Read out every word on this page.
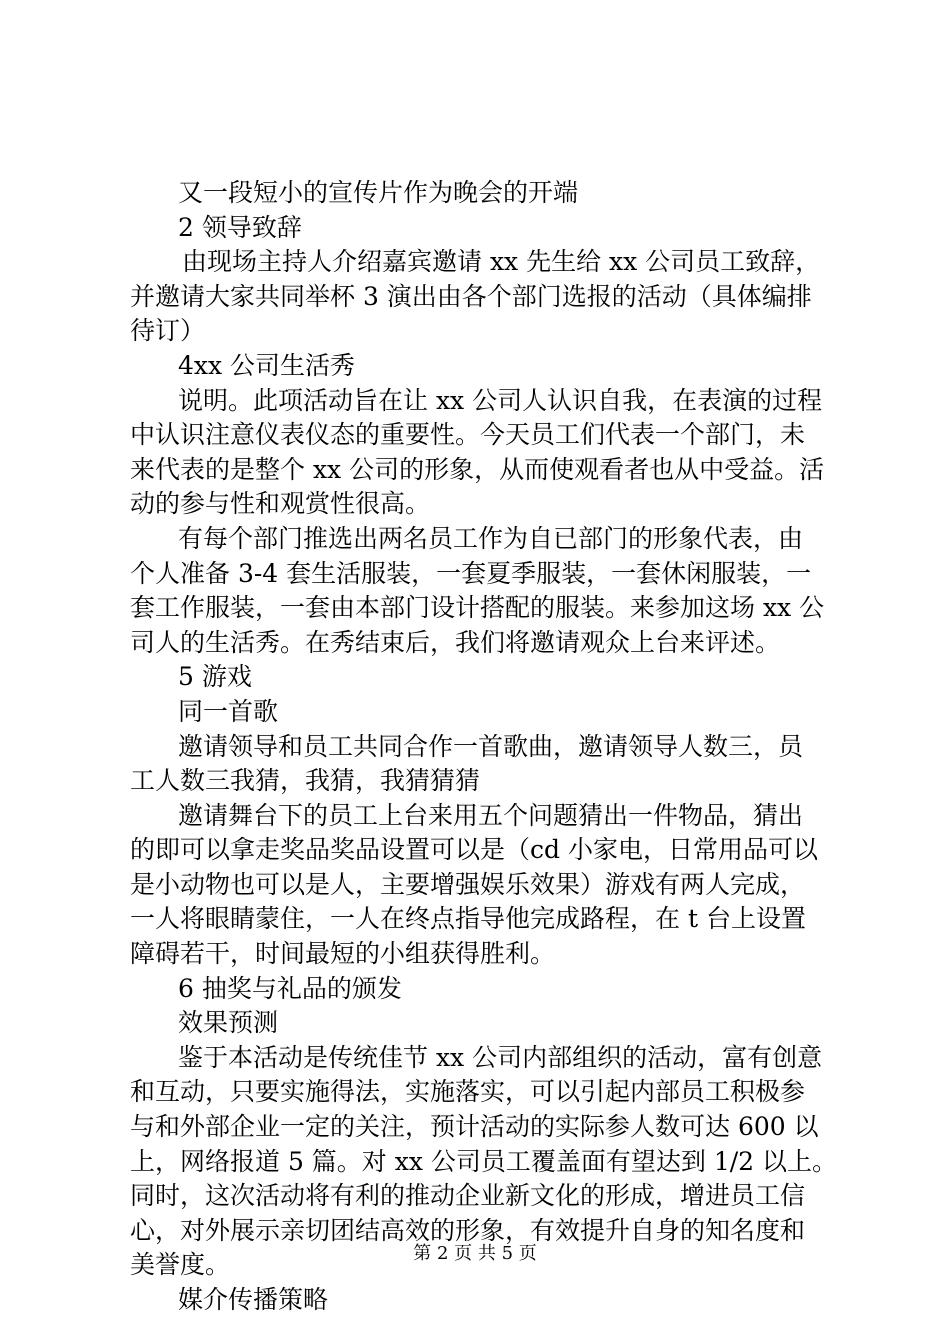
又一段短小的宣传片作为晚会的开端

2 领导致辞

由现场主持人介绍嘉宾邀请 xx 先生给 xx 公司员工致辞，

并邀请大家共同举杯 3 演出由各个部门选报的活动（具体编排

待订）

4xx 公司生活秀

说明。此项活动旨在让 xx 公司人认识自我，在表演的过程

中认识注意仪表仪态的重要性。今天员工们代表一个部门，未

来代表的是整个 xx 公司的形象，从而使观看者也从中受益。活

动的参与性和观赏性很高。

有每个部门推选出两名员工作为自已部门的形象代表，由

个人准备 3-4 套生活服装，一套夏季服装，一套休闲服装，一

套工作服装，一套由本部门设计搭配的服装。来参加这场 xx 公

司人的生活秀。在秀结束后，我们将邀请观众上台来评述。

5 游戏

同一首歌

邀请领导和员工共同合作一首歌曲，邀请领导人数三，员

工人数三我猜，我猜，我猜猜猜

邀请舞台下的员工上台来用五个问题猜出一件物品，猜出

的即可以拿走奖品奖品设置可以是（cd 小家电，日常用品可以

是小动物也可以是人，主要增强娱乐效果）游戏有两人完成，

一人将眼睛蒙住，一人在终点指导他完成路程，在 t 台上设置

障碍若干，时间最短的小组获得胜利。

6 抽奖与礼品的颁发

效果预测

鉴于本活动是传统佳节 xx 公司内部组织的活动，富有创意

和互动，只要实施得法，实施落实，可以引起内部员工积极参

与和外部企业一定的关注，预计活动的实际参人数可达 600 以

上，网络报道 5 篇。对 xx 公司员工覆盖面有望达到 1/2 以上。

同时，这次活动将有利的推动企业新文化的形成，增进员工信

心，对外展示亲切团结高效的形象，有效提升自身的知名度和

美誉度。

媒介传播策略

第 2 页 共 5 页
